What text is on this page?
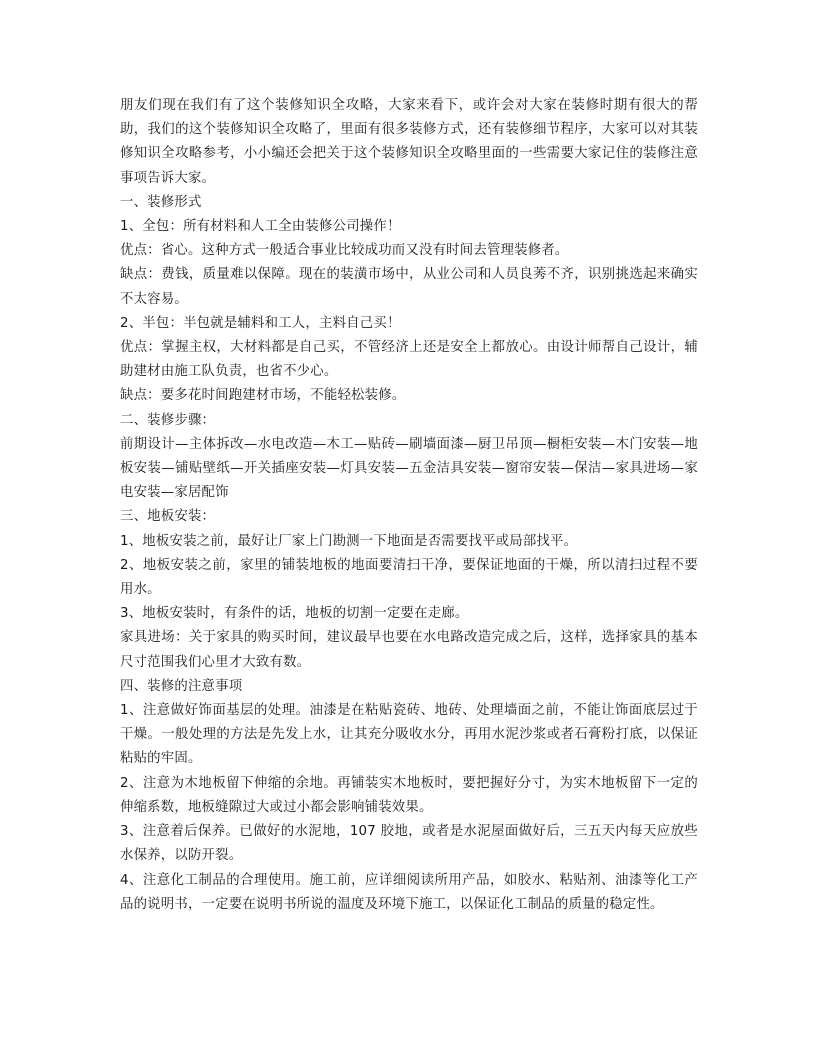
朋友们现在我们有了这个装修知识全攻略，大家来看下，或许会对大家在装修时期有很大的帮助，我们的这个装修知识全攻略了，里面有很多装修方式，还有装修细节程序，大家可以对其装修知识全攻略参考，小小编还会把关于这个装修知识全攻略里面的一些需要大家记住的装修注意事项告诉大家。

一、装修形式

1、全包：所有材料和人工全由装修公司操作！

优点：省心。这种方式一般适合事业比较成功而又没有时间去管理装修者。

缺点：费钱，质量难以保障。现在的装潢市场中，从业公司和人员良莠不齐，识别挑选起来确实不太容易。

2、半包：半包就是辅料和工人，主料自己买！

优点：掌握主权，大材料都是自己买，不管经济上还是安全上都放心。由设计师帮自己设计，辅助建材由施工队负责，也省不少心。

缺点：要多花时间跑建材市场，不能轻松装修。

二、装修步骤：

前期设计—主体拆改—水电改造—木工—贴砖—刷墙面漆—厨卫吊顶—橱柜安装—木门安装—地板安装—铺贴壁纸—开关插座安装—灯具安装—五金洁具安装—窗帘安装—保洁—家具进场—家电安装—家居配饰

三、地板安装：

1、地板安装之前，最好让厂家上门勘测一下地面是否需要找平或局部找平。

2、地板安装之前，家里的铺装地板的地面要清扫干净，要保证地面的干燥，所以清扫过程不要用水。

3、地板安装时，有条件的话，地板的切割一定要在走廊。

家具进场：关于家具的购买时间，建议最早也要在水电路改造完成之后，这样，选择家具的基本尺寸范围我们心里才大致有数。

四、装修的注意事项

1、注意做好饰面基层的处理。油漆是在粘贴瓷砖、地砖、处理墙面之前，不能让饰面底层过于干燥。一般处理的方法是先发上水，让其充分吸收水分，再用水泥沙浆或者石膏粉打底，以保证粘贴的牢固。

2、注意为木地板留下伸缩的余地。再铺装实木地板时，要把握好分寸，为实木地板留下一定的伸缩系数，地板缝隙过大或过小都会影响铺装效果。

3、注意着后保养。已做好的水泥地，107 胶地，或者是水泥屋面做好后，三五天内每天应放些水保养，以防开裂。

4、注意化工制品的合理使用。施工前，应详细阅读所用产品，如胶水、粘贴剂、油漆等化工产品的说明书，一定要在说明书所说的温度及环境下施工，以保证化工制品的质量的稳定性。
